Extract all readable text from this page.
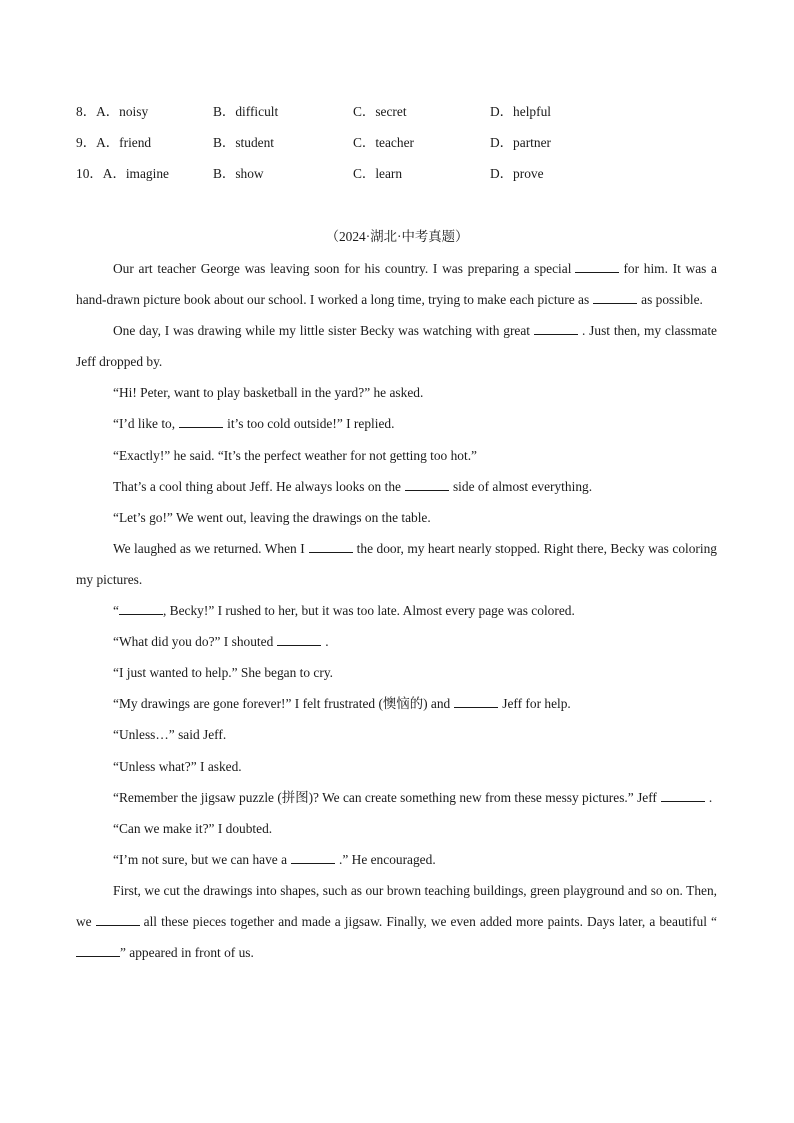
8．A．noisy	B．difficult	C．secret	D．helpful
9．A．friend	B．student	C．teacher	D．partner
10．A．imagine	B．show	C．learn	D．prove
（2024·湖北·中考真题）

Our art teacher George was leaving soon for his country. I was preparing a special	for him. It was a hand-drawn picture book about our school. I worked a long time, trying to make each picture as	as possible.

One day, I was drawing while my little sister Becky was watching with great	. Just then, my classmate Jeff dropped by.

“Hi! Peter, want to play basketball in the yard?” he asked.

“I’d like to,	it’s too cold outside!” I replied.

“Exactly!” he said. “It’s the perfect weather for not getting too hot.”

That’s a cool thing about Jeff. He always looks on the	side of almost everything.

“Let’s go!” We went out, leaving the drawings on the table.

We laughed as we returned. When I	the door, my heart nearly stopped. Right there, Becky was coloring my pictures.

“	, Becky!” I rushed to her, but it was too late. Almost every page was colored.

“What did you do?” I shouted	.

“I just wanted to help.” She began to cry.

“My drawings are gone forever!” I felt frustrated (懊恼的) and	Jeff for help.

“Unless…” said Jeff.

“Unless what?” I asked.

“Remember the jigsaw puzzle (拼图)? We can create something new from these messy pictures.” Jeff	.

“Can we make it?” I doubted.

“I’m not sure, but we can have a	.” He encouraged.

First, we cut the drawings into shapes, such as our brown teaching buildings, green playground and so on. Then, we	all these pieces together and made a jigsaw. Finally, we even added more paints. Days later, a beautiful “” appeared in front of us.
